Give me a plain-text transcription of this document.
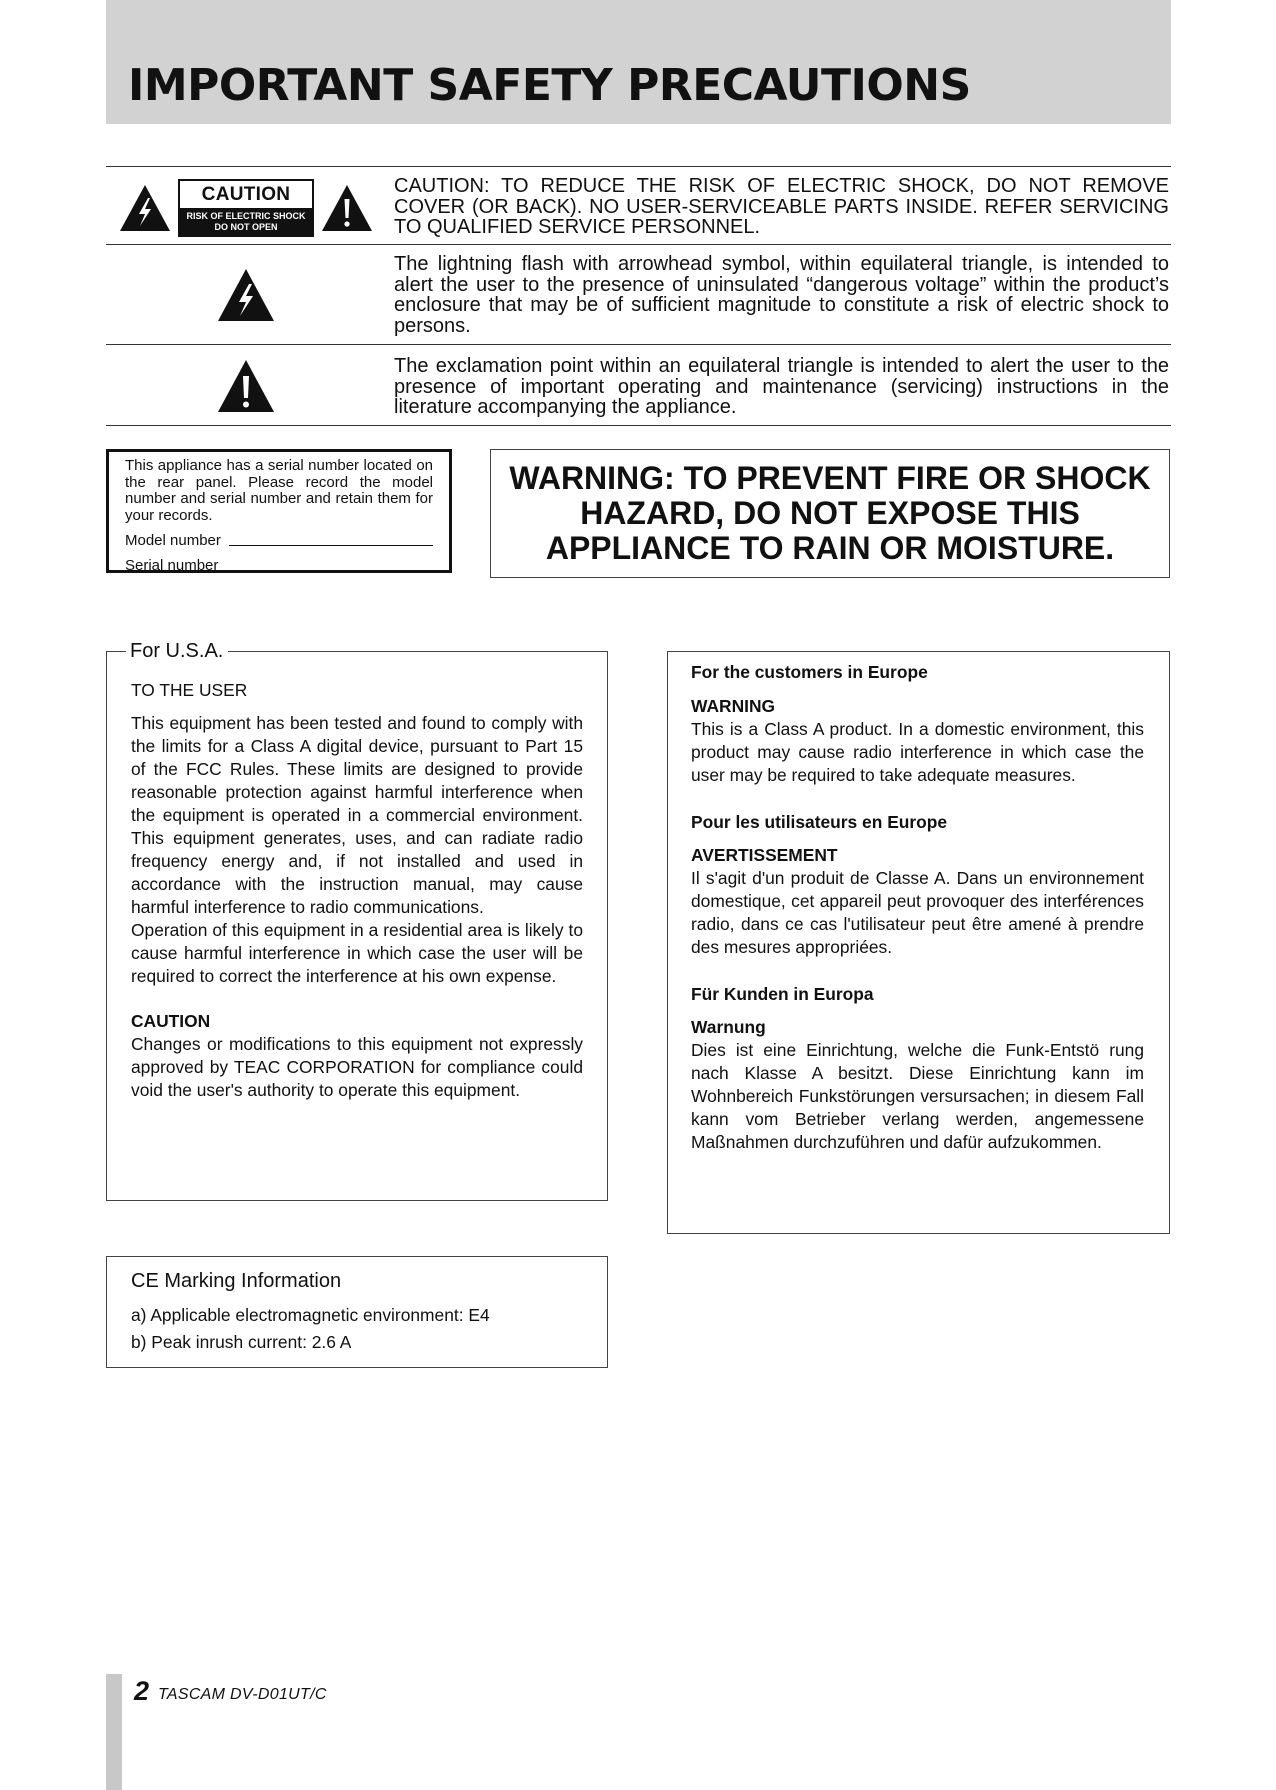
IMPORTANT SAFETY PRECAUTIONS
CAUTION
RISK OF ELECTRIC SHOCK
DO NOT OPEN

CAUTION: TO REDUCE THE RISK OF ELECTRIC SHOCK, DO NOT REMOVE COVER (OR BACK). NO USER-SERVICEABLE PARTS INSIDE. REFER SERVICING TO QUALIFIED SERVICE PERSONNEL.

The lightning flash with arrowhead symbol, within equilateral triangle, is intended to alert the user to the presence of uninsulated “dangerous voltage” within the product’s enclosure that may be of sufficient magnitude to constitute a risk of electric shock to persons.

The exclamation point within an equilateral triangle is intended to alert the user to the presence of important operating and maintenance (servicing) instructions in the literature accompanying the appliance.

This appliance has a serial number located on the rear panel. Please record the model number and serial number and retain them for your records.

Model number
Serial number

WARNING: TO PREVENT FIRE OR SHOCK
HAZARD, DO NOT EXPOSE THIS
APPLIANCE TO RAIN OR MOISTURE.

For U.S.A.

TO THE USER

This equipment has been tested and found to comply with the limits for a Class A digital device, pursuant to Part 15 of the FCC Rules. These limits are designed to provide reasonable protection against harmful interference when the equipment is operated in a commercial environment. This equipment generates, uses, and can radiate radio frequency energy and, if not installed and used in accordance with the instruction manual, may cause harmful interference to radio communications.

Operation of this equipment in a residential area is likely to cause harmful interference in which case the user will be required to correct the interference at his own expense.

CAUTION

Changes or modifications to this equipment not expressly approved by TEAC CORPORATION for compliance could void the user's authority to operate this equipment.

For the customers in Europe

WARNING

This is a Class A product. In a domestic environment, this product may cause radio interference in which case the user may be required to take adequate measures.

Pour les utilisateurs en Europe

AVERTISSEMENT

Il s'agit d'un produit de Classe A. Dans un environnement domestique, cet appareil peut provoquer des interférences radio, dans ce cas l'utilisateur peut être amené à prendre des mesures appropriées.

Für Kunden in Europa

Warnung

Dies ist eine Einrichtung, welche die Funk-Entstö rung nach Klasse A besitzt. Diese Einrichtung kann im Wohnbereich Funkstörungen versursachen; in diesem Fall kann vom Betrieber verlang werden, angemessene Maßnahmen durchzuführen und dafür aufzukommen.

CE Marking Information

a) Applicable electromagnetic environment: E4

b) Peak inrush current: 2.6 A

2 TASCAM DV-D01UT/C
